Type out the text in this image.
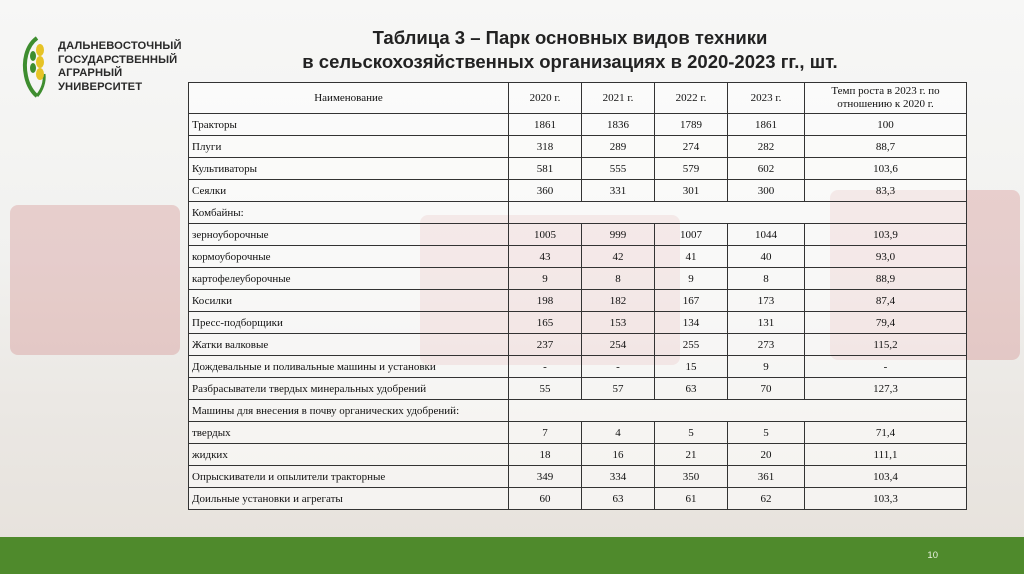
ДАЛЬНЕВОСТОЧНЫЙ
ГОСУДАРСТВЕННЫЙ
АГРАРНЫЙ
УНИВЕРСИТЕТ
Таблица 3 – Парк основных видов техники
в сельскохозяйственных организациях в 2020-2023 гг., шт.
Наименование	2020 г.	2021 г.	2022 г.	2023 г.	Темп роста в 2023 г. по отношению к 2020 г.
Тракторы	1861	1836	1789	1861	100
Плуги	318	289	274	282	88,7
Культиваторы	581	555	579	602	103,6
Сеялки	360	331	301	300	83,3
Комбайны:					
зерноуборочные	1005	999	1007	1044	103,9
кормоуборочные	43	42	41	40	93,0
картофелеуборочные	9	8	9	8	88,9
Косилки	198	182	167	173	87,4
Пресс-подборщики	165	153	134	131	79,4
Жатки валковые	237	254	255	273	115,2
Дождевальные и поливальные машины и установки	-	-	15	9	-
Разбрасыватели твердых минеральных удобрений	55	57	63	70	127,3
Машины для внесения в почву органических удобрений:					
твердых	7	4	5	5	71,4
жидких	18	16	21	20	111,1
Опрыскиватели и опылители тракторные	349	334	350	361	103,4
Доильные установки и агрегаты	60	63	61	62	103,3
10
